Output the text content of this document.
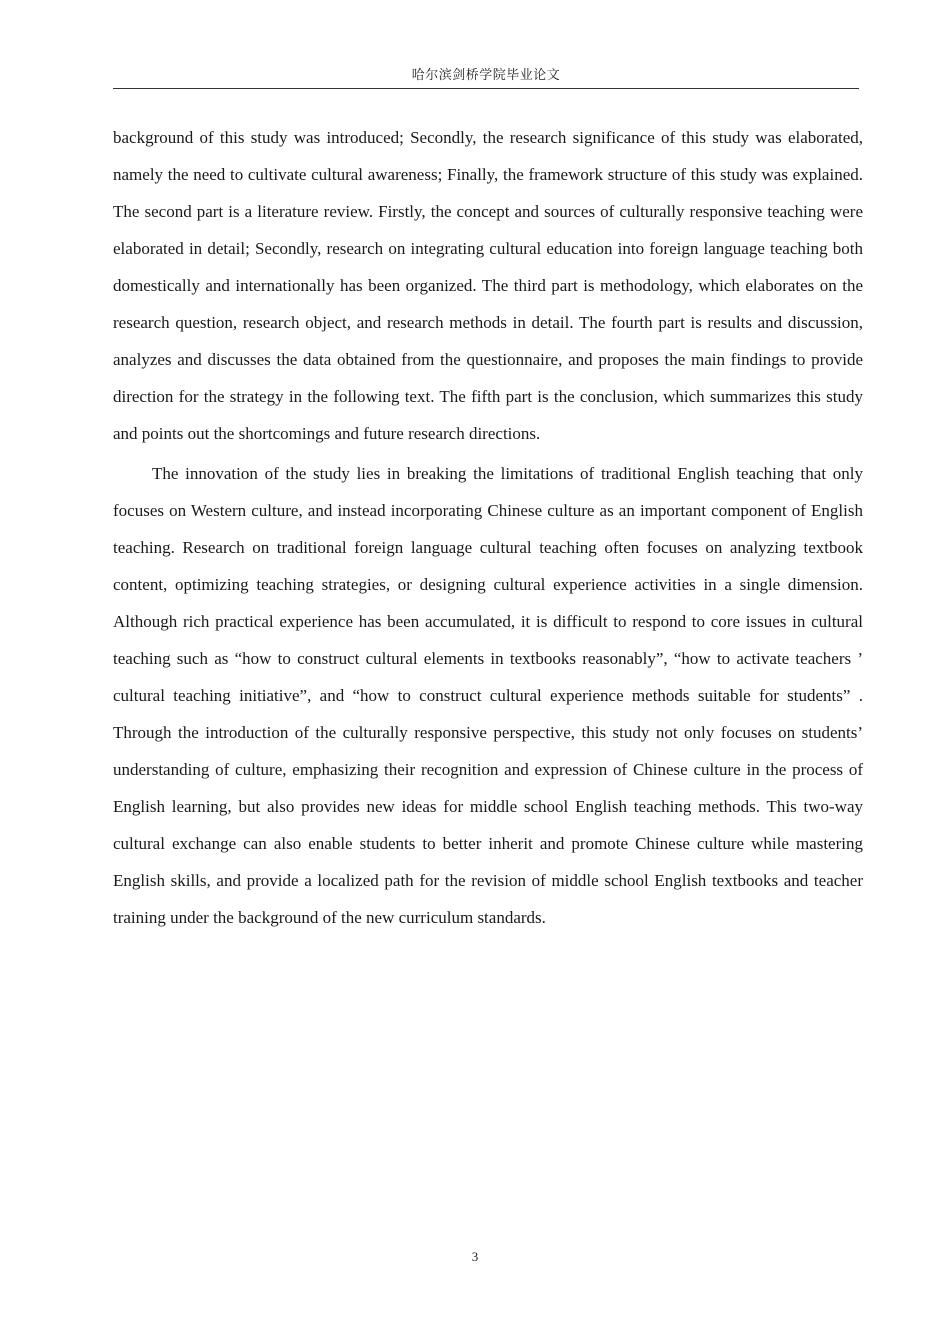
哈尔滨剑桥学院毕业论文

background of this study was introduced; Secondly, the research significance of this study was elaborated, namely the need to cultivate cultural awareness; Finally, the framework structure of this study was explained. The second part is a literature review. Firstly, the concept and sources of culturally responsive teaching were elaborated in detail; Secondly, research on integrating cultural education into foreign language teaching both domestically and internationally has been organized. The third part is methodology, which elaborates on the research question, research object, and research methods in detail. The fourth part is results and discussion, analyzes and discusses the data obtained from the questionnaire, and proposes the main findings to provide direction for the strategy in the following text. The fifth part is the conclusion, which summarizes this study and points out the shortcomings and future research directions.

The innovation of the study lies in breaking the limitations of traditional English teaching that only focuses on Western culture, and instead incorporating Chinese culture as an important component of English teaching. Research on traditional foreign language cultural teaching often focuses on analyzing textbook content, optimizing teaching strategies, or designing cultural experience activities in a single dimension. Although rich practical experience has been accumulated, it is difficult to respond to core issues in cultural teaching such as “how to construct cultural elements in textbooks reasonably”, “how to activate teachers ’ cultural teaching initiative”, and “how to construct cultural experience methods suitable for students” . Through the introduction of the culturally responsive perspective, this study not only focuses on students’ understanding of culture, emphasizing their recognition and expression of Chinese culture in the process of English learning, but also provides new ideas for middle school English teaching methods. This two-way cultural exchange can also enable students to better inherit and promote Chinese culture while mastering English skills, and provide a localized path for the revision of middle school English textbooks and teacher training under the background of the new curriculum standards.

3
